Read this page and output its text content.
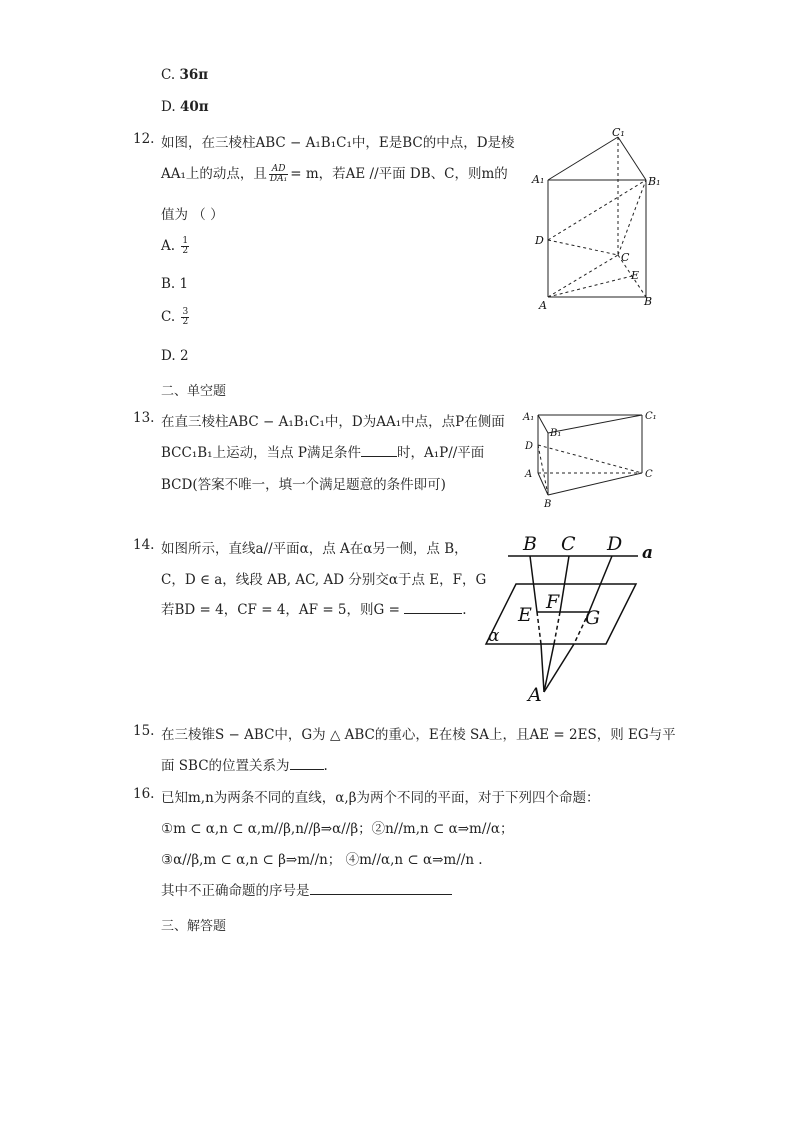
C. 36π
D. 40π
12. 如图，在三棱柱ABC − A₁B₁C₁中，E是BC的中点，D是棱
AA₁上的动点，且 $\frac{AD}{\text{DA₁}} = m$，若AE //平面 DB、C，则m的
值为 （ ）
A. $\frac{1}{2}$
B. 1
C. $\frac{3}{2}$
D. 2
C₁
A₁	B₁
D
C
E
A	B
二、单空题
13. 在直三棱柱ABC − A₁B₁C₁中，D为AA₁中点，点P在侧面
BCC₁B₁上运动，当点 P满足条件	时，A₁P//平面
BCD(答案不唯一，填一个满足题意的条件即可)
A₁
B₁
C₁
D
A	C
B
14. 如图所示，直线a//平面α，点 A在α另一侧，点 B，
C，D ∈ a，线段 AB, AC, AD 分别交α于点 E，F，G
若BD = 4，CF = 4，AF = 5，则G =	.
B C D a
E
F
G
α
A
15. 在三棱锥S − ABC中，G为 △ ABC的重心，E在棱 SA上，且AE = 2ES，则 EG与平
面 SBC的位置关系为	.
16. 已知m,n为两条不同的直线，α,β为两个不同的平面，对于下列四个命题：
①m ⊂ α,n ⊂ α,m//β,n//β⇒α//β；②n//m,n ⊂ α⇒m//α；
③α//β,m ⊂ α,n ⊂ β⇒m//n； ④m//α,n ⊂ α⇒m//n .
其中不正确命题的序号是
三、解答题
